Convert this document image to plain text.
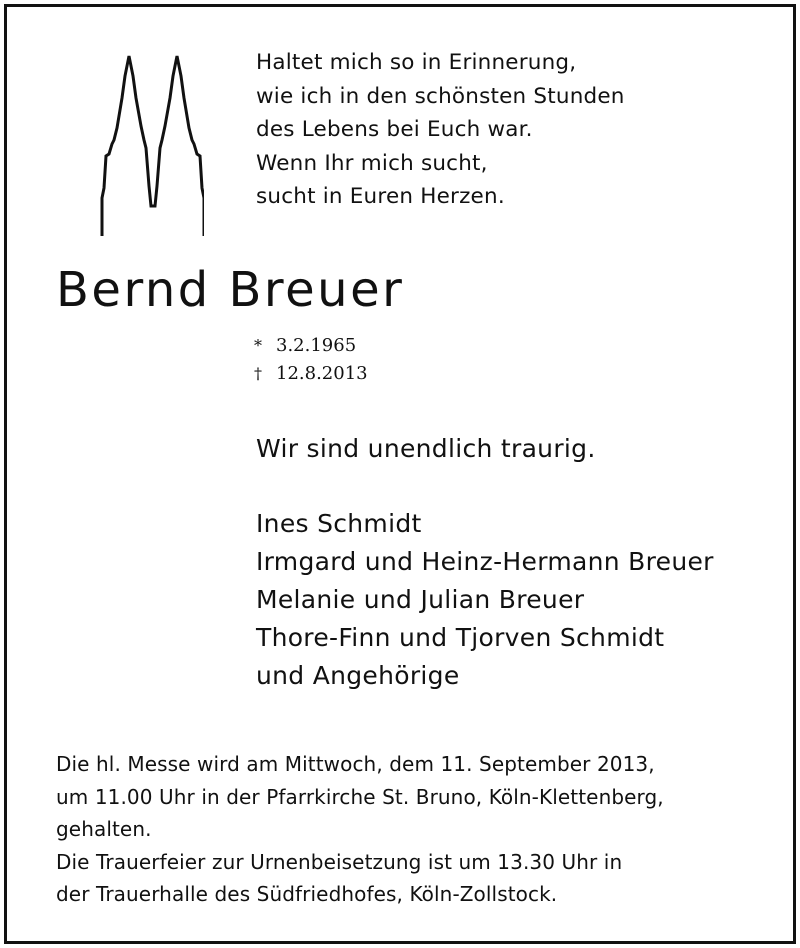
Haltet mich so in Erinnerung,
wie ich in den schönsten Stunden
des Lebens bei Euch war.
Wenn Ihr mich sucht,
sucht in Euren Herzen.
Bernd Breuer
* 3.2.1965
† 12.8.2013
Wir sind unendlich traurig.
Ines Schmidt
Irmgard und Heinz-Hermann Breuer
Melanie und Julian Breuer
Thore-Finn und Tjorven Schmidt
und Angehörige
Die hl. Messe wird am Mittwoch, dem 11. September 2013,
um 11.00 Uhr in der Pfarrkirche St. Bruno, Köln-Klettenberg,
gehalten.
Die Trauerfeier zur Urnenbeisetzung ist um 13.30 Uhr in
der Trauerhalle des Südfriedhofes, Köln-Zollstock.
